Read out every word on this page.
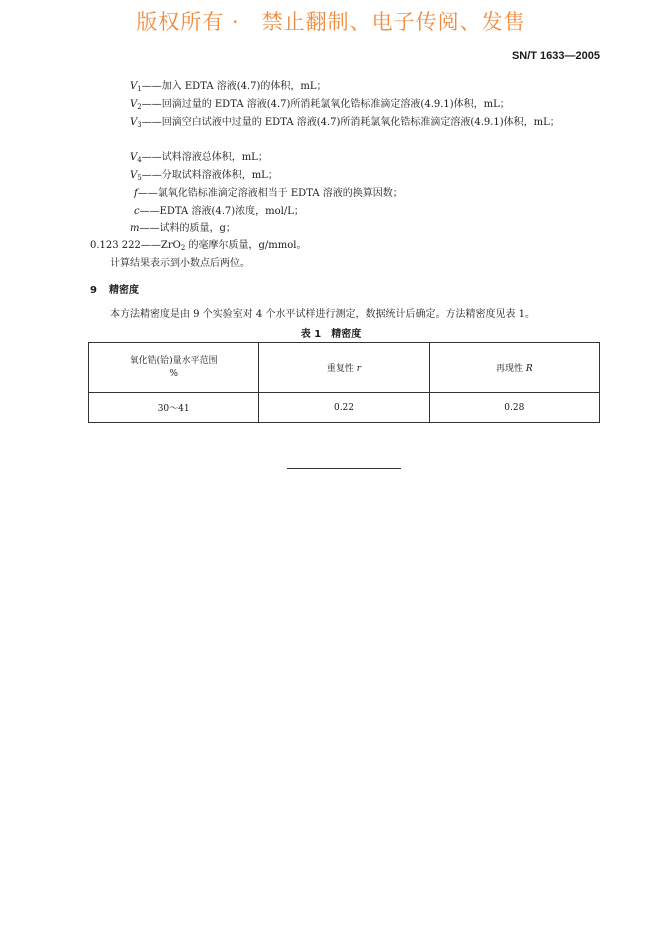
版权所有 ·　禁止翻制、电子传阅、发售
SN/T 1633—2005
$V_1——$加入 EDTA 溶液(4.7)的体积，mL；
$V_2——$回滴过量的 EDTA 溶液(4.7)所消耗氯氧化锆标准滴定溶液(4.9.1)体积，mL；
$V_3——$回滴空白试液中过量的 EDTA 溶液(4.7)所消耗氯氧化锆标准滴定溶液(4.9.1)体积，mL；
$V_4——$试料溶液总体积，mL；
$V_5——$分取试料溶液体积，mL；
f——氯氧化锆标准滴定溶液相当于 EDTA 溶液的换算因数；
c——EDTA 溶液(4.7)浓度，mol/L；
m——试料的质量，g；
0.123 222——ZrO$_2$ 的毫摩尔质量，g/mmol。
计算结果表示到小数点后两位。
9 精密度
本方法精密度是由 9 个实验室对 4 个水平试样进行测定，数据统计后确定。方法精密度见表 1。
表 1 精密度
氧化锆(铪)量水平范围
%	重复性 r	再现性 R
30～41	0.22	0.28
